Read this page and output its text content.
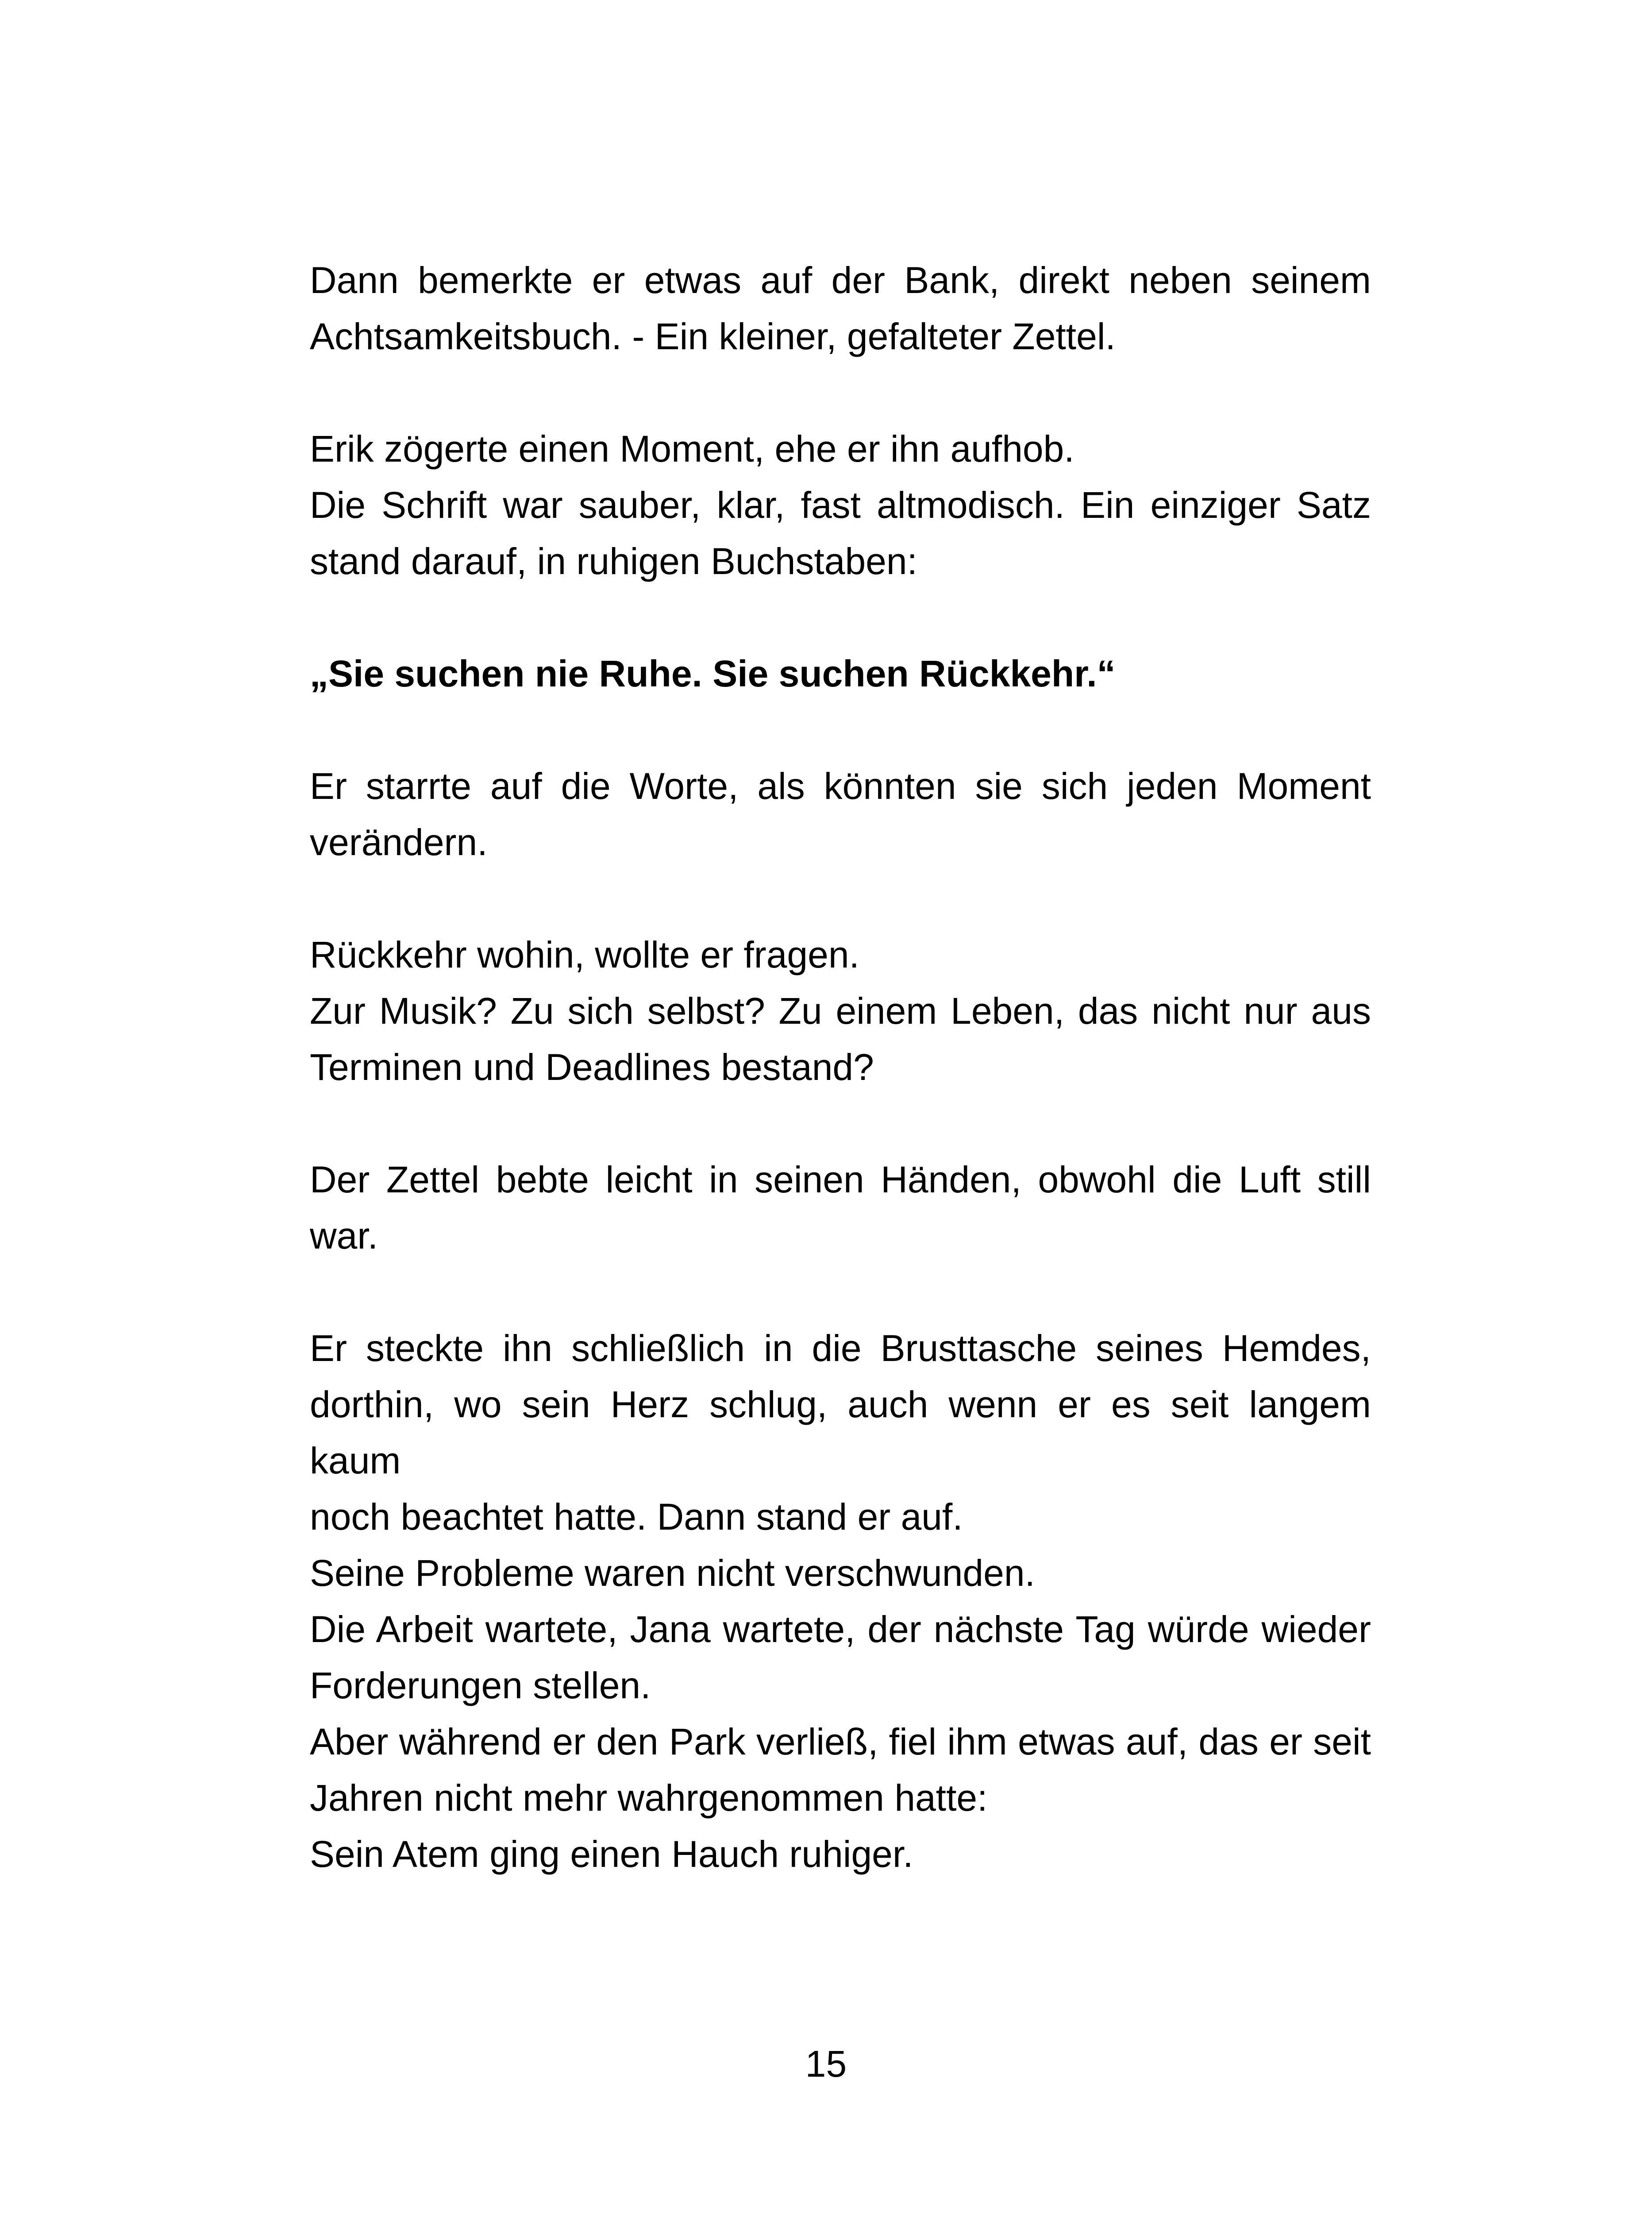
Dann bemerkte er etwas auf der Bank, direkt neben seinem
Achtsamkeitsbuch. - Ein kleiner, gefalteter Zettel.

Erik zögerte einen Moment, ehe er ihn aufhob.
Die Schrift war sauber, klar, fast altmodisch. Ein einziger Satz
stand darauf, in ruhigen Buchstaben:

„Sie suchen nie Ruhe. Sie suchen Rückkehr.“

Er starrte auf die Worte, als könnten sie sich jeden Moment
verändern.

Rückkehr wohin, wollte er fragen.
Zur Musik? Zu sich selbst? Zu einem Leben, das nicht nur aus
Terminen und Deadlines bestand?

Der Zettel bebte leicht in seinen Händen, obwohl die Luft still
war.

Er steckte ihn schließlich in die Brusttasche seines Hemdes,
dorthin, wo sein Herz schlug, auch wenn er es seit langem kaum
noch beachtet hatte. Dann stand er auf.
Seine Probleme waren nicht verschwunden.
Die Arbeit wartete, Jana wartete, der nächste Tag würde wieder
Forderungen stellen.
Aber während er den Park verließ, fiel ihm etwas auf, das er seit
Jahren nicht mehr wahrgenommen hatte:
Sein Atem ging einen Hauch ruhiger.

15
